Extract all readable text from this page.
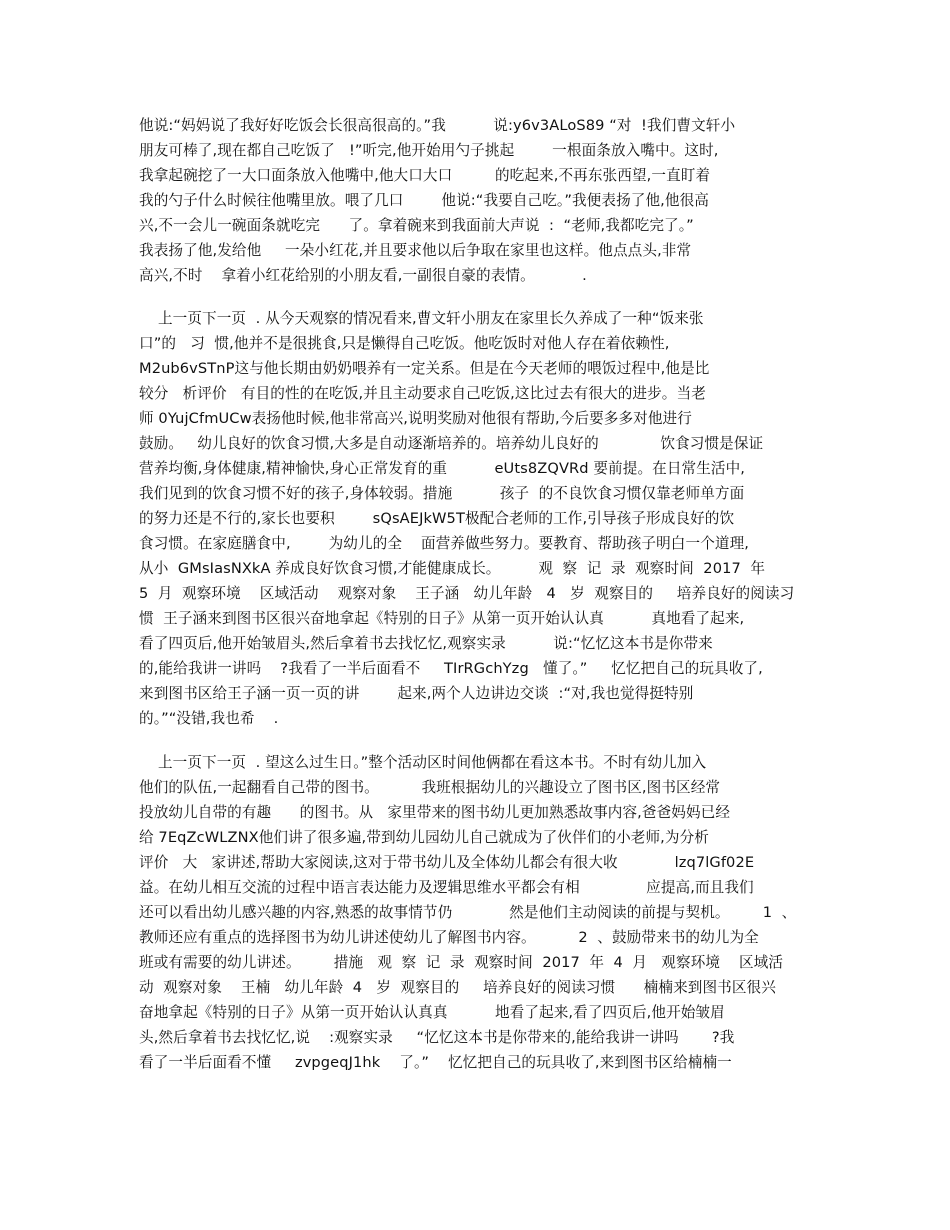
他说:“妈妈说了我好好吃饭会长很高很高的。”我          说:y6v3ALoS89 “对  !我们曹文轩小
朋友可棒了,现在都自己吃饭了   !”听完,他开始用勺子挑起        一根面条放入嘴中。这时,
我拿起碗挖了一大口面条放入他嘴中,他大口大口         的吃起来,不再东张西望,一直盯着
我的勺子什么时候往他嘴里放。喂了几口        他说:“我要自己吃。”我便表扬了他,他很高
兴,不一会儿一碗面条就吃完      了。拿着碗来到我面前大声说  :  “老师,我都吃完了。”
我表扬了他,发给他     一朵小红花,并且要求他以后争取在家里也这样。他点点头,非常
高兴,不时    拿着小红花给别的小朋友看,一副很自豪的表情。          .
上一页下一页  . 从今天观察的情况看来,曹文轩小朋友在家里长久养成了一种“饭来张
口”的   习  惯,他并不是很挑食,只是懒得自己吃饭。他吃饭时对他人存在着依赖性,
M2ub6vSTnP这与他长期由奶奶喂养有一定关系。但是在今天老师的喂饭过程中,他是比
较分   析评价   有目的性的在吃饭,并且主动要求自己吃饭,这比过去有很大的进步。当老
师 0YujCfmUCw表扬他时候,他非常高兴,说明奖励对他很有帮助,今后要多多对他进行
鼓励。   幼儿良好的饮食习惯,大多是自动逐渐培养的。培养幼儿良好的             饮食习惯是保证
营养均衡,身体健康,精神愉快,身心正常发育的重          eUts8ZQVRd 要前提。在日常生活中,
我们见到的饮食习惯不好的孩子,身体较弱。措施          孩子  的不良饮食习惯仅靠老师单方面
的努力还是不行的,家长也要积        sQsAEJkW5T极配合老师的工作,引导孩子形成良好的饮
食习惯。在家庭膳食中,        为幼儿的全    面营养做些努力。要教育、帮助孩子明白一个道理,
从小  GMsIasNXkA 养成良好饮食习惯,才能健康成长。        观  察  记  录  观察时间  2017  年
5  月  观察环境    区域活动    观察对象    王子涵   幼儿年龄   4   岁  观察目的     培养良好的阅读习
惯  王子涵来到图书区很兴奋地拿起《特别的日子》从第一页开始认认真          真地看了起来,
看了四页后,他开始皱眉头,然后拿着书去找忆忆,观察实录          说:“忆忆这本书是你带来
的,能给我讲一讲吗    ?我看了一半后面看不     TIrRGchYzg   懂了。”     忆忆把自己的玩具收了,
来到图书区给王子涵一页一页的讲        起来,两个人边讲边交谈  :“对,我也觉得挺特别
的。”“没错,我也希    .
上一页下一页  . 望这么过生日。”整个活动区时间他俩都在看这本书。不时有幼儿加入
他们的队伍,一起翻看自己带的图书。         我班根据幼儿的兴趣设立了图书区,图书区经常
投放幼儿自带的有趣      的图书。从   家里带来的图书幼儿更加熟悉故事内容,爸爸妈妈已经
给 7EqZcWLZNX他们讲了很多遍,带到幼儿园幼儿自己就成为了伙伴们的小老师,为分析
评价   大   家讲述,帮助大家阅读,这对于带书幼儿及全体幼儿都会有很大收            lzq7lGf02E
益。在幼儿相互交流的过程中语言表达能力及逻辑思维水平都会有相              应提高,而且我们
还可以看出幼儿感兴趣的内容,熟悉的故事情节仍            然是他们主动阅读的前提与契机。       1  、
教师还应有重点的选择图书为幼儿讲述使幼儿了解图书内容。         2  、鼓励带来书的幼儿为全
班或有需要的幼儿讲述。       措施   观  察  记  录  观察时间  2017  年  4  月   观察环境    区域活
动  观察对象    王楠   幼儿年龄  4   岁  观察目的     培养良好的阅读习惯      楠楠来到图书区很兴
奋地拿起《特别的日子》从第一页开始认认真真          地看了起来,看了四页后,他开始皱眉
头,然后拿着书去找忆忆,说    :观察实录     “忆忆这本书是你带来的,能给我讲一讲吗       ?我
看了一半后面看不懂     zvpgeqJ1hk    了。”    忆忆把自己的玩具收了,来到图书区给楠楠一
